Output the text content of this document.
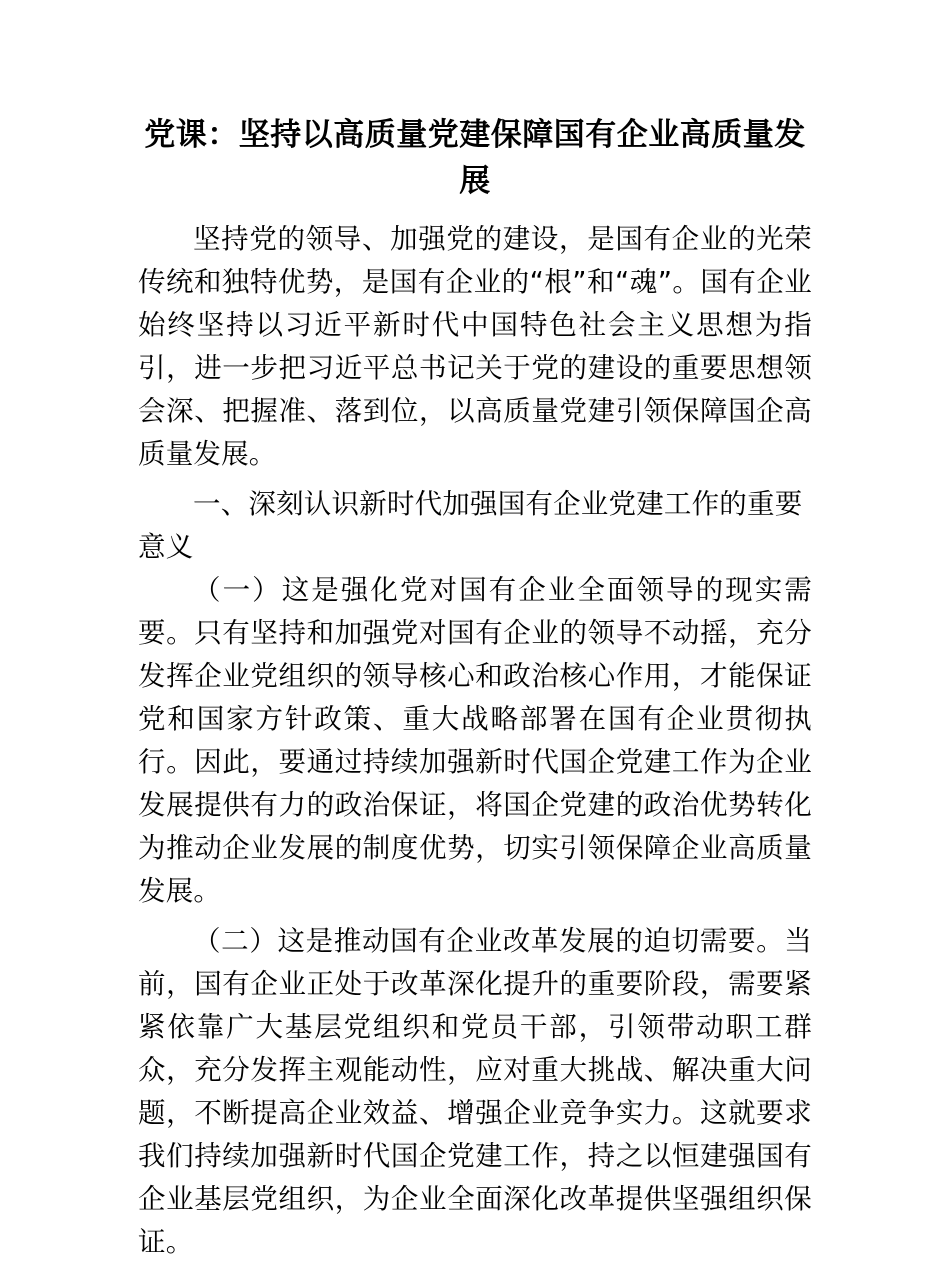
党课：坚持以高质量党建保障国有企业高质量发展

坚持党的领导、加强党的建设，是国有企业的光荣传统和独特优势，是国有企业的“根”和“魂”。国有企业始终坚持以习近平新时代中国特色社会主义思想为指引，进一步把习近平总书记关于党的建设的重要思想领会深、把握准、落到位，以高质量党建引领保障国企高质量发展。

一、深刻认识新时代加强国有企业党建工作的重要意义

（一）这是强化党对国有企业全面领导的现实需要。只有坚持和加强党对国有企业的领导不动摇，充分发挥企业党组织的领导核心和政治核心作用，才能保证党和国家方针政策、重大战略部署在国有企业贯彻执行。因此，要通过持续加强新时代国企党建工作为企业发展提供有力的政治保证，将国企党建的政治优势转化为推动企业发展的制度优势，切实引领保障企业高质量发展。

（二）这是推动国有企业改革发展的迫切需要。当前，国有企业正处于改革深化提升的重要阶段，需要紧紧依靠广大基层党组织和党员干部，引领带动职工群众，充分发挥主观能动性，应对重大挑战、解决重大问题，不断提高企业效益、增强企业竞争实力。这就要求我们持续加强新时代国企党建工作，持之以恒建强国有企业基层党组织，为企业全面深化改革提供坚强组织保证。
